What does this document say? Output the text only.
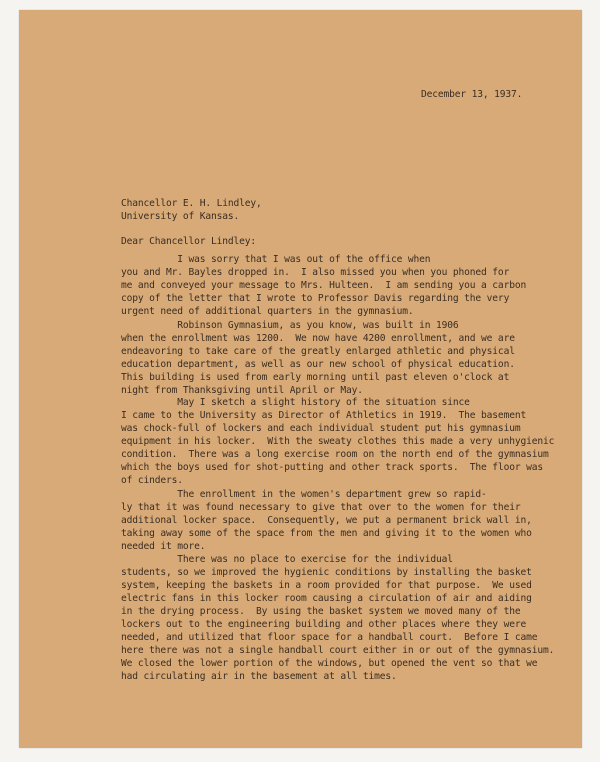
December 13, 1937.
Chancellor E. H. Lindley,
University of Kansas.
Dear Chancellor Lindley:
I was sorry that I was out of the office when
you and Mr. Bayles dropped in.  I also missed you when you phoned for
me and conveyed your message to Mrs. Hulteen.  I am sending you a carbon
copy of the letter that I wrote to Professor Davis regarding the very
urgent need of additional quarters in the gymnasium.
Robinson Gymnasium, as you know, was built in 1906
when the enrollment was 1200.  We now have 4200 enrollment, and we are
endeavoring to take care of the greatly enlarged athletic and physical
education department, as well as our new school of physical education.
This building is used from early morning until past eleven o'clock at
night from Thanksgiving until April or May.
May I sketch a slight history of the situation since
I came to the University as Director of Athletics in 1919.  The basement
was chock-full of lockers and each individual student put his gymnasium
equipment in his locker.  With the sweaty clothes this made a very unhygienic
condition.  There was a long exercise room on the north end of the gymnasium
which the boys used for shot-putting and other track sports.  The floor was
of cinders.
The enrollment in the women's department grew so rapid-
ly that it was found necessary to give that over to the women for their
additional locker space.  Consequently, we put a permanent brick wall in,
taking away some of the space from the men and giving it to the women who
needed it more.
There was no place to exercise for the individual
students, so we improved the hygienic conditions by installing the basket
system, keeping the baskets in a room provided for that purpose.  We used
electric fans in this locker room causing a circulation of air and aiding
in the drying process.  By using the basket system we moved many of the
lockers out to the engineering building and other places where they were
needed, and utilized that floor space for a handball court.  Before I came
here there was not a single handball court either in or out of the gymnasium.
We closed the lower portion of the windows, but opened the vent so that we
had circulating air in the basement at all times.
